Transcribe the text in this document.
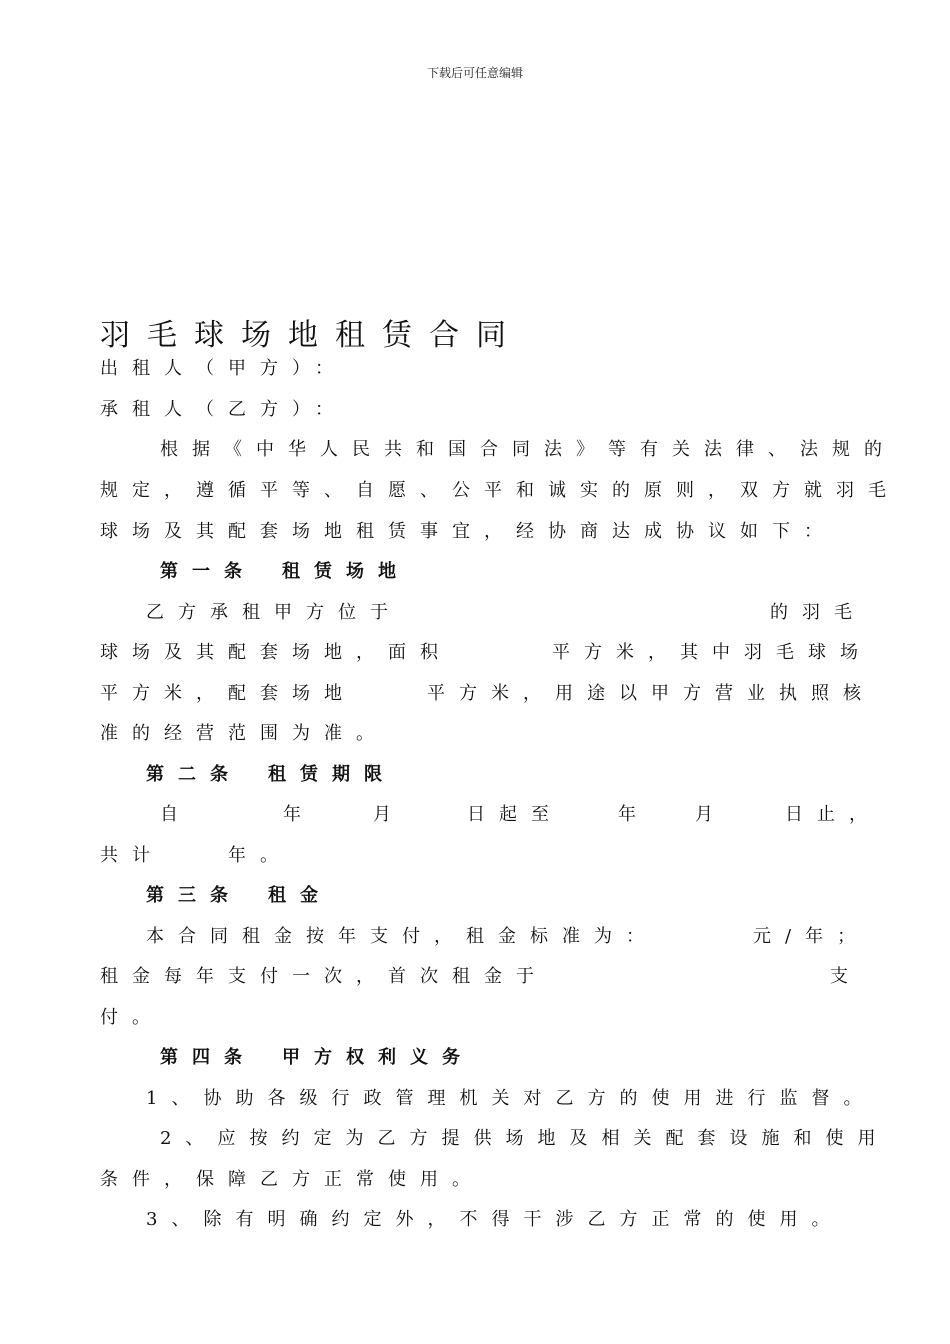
下载后可任意编辑
羽毛球场地租赁合同
出租人（甲方）：
承租人（乙方）：
根据《中华人民共和国合同法》等有关法律、法规的
规定，遵循平等、自愿、公平和诚实的原则，双方就羽毛
球场及其配套场地租赁事宜，经协商达成协议如下：
第一条 租赁场地
乙方承租甲方位于	的羽毛
球场及其配套场地，面积	平方米，其中羽毛球场
平方米，配套场地	平方米，用途以甲方营业执照核
准的经营范围为准。
第二条 租赁期限
自	年	月	日起至	年	月	日止，
共计　　年。
第三条 租金
本合同租金按年支付，租金标准为：	元/年；
租金每年支付一次，首次租金于	支
付。
第四条 甲方权利义务
1、协助各级行政管理机关对乙方的使用进行监督。
2、应按约定为乙方提供场地及相关配套设施和使用
条件，保障乙方正常使用。
3、除有明确约定外，不得干涉乙方正常的使用。
